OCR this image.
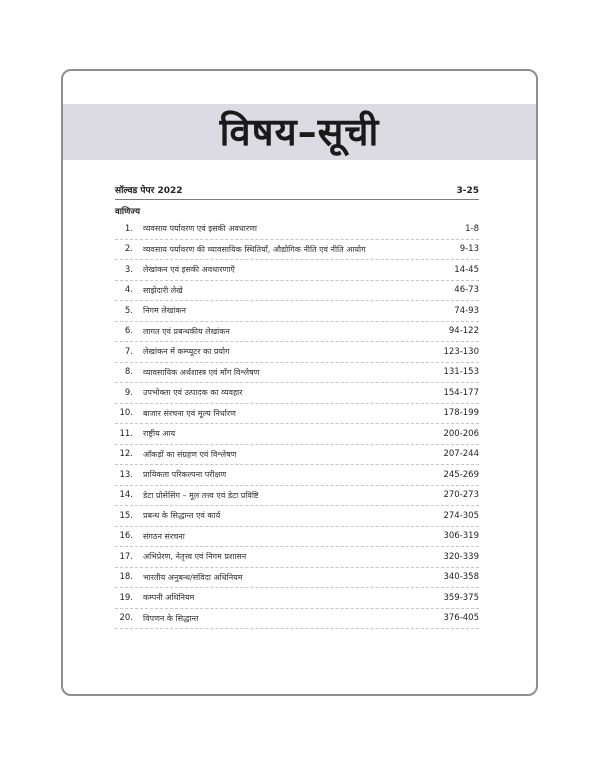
विषय–सूची
सॉल्वड पेपर 2022	3-25
वाणिज्य
1.	व्यवसाय पर्यावरण एवं इसकी अवधारणा	1-8
2.	व्यवसाय पर्यावरण की व्यावसायिक स्थितियाँ, औद्योगिक नीति एवं नीति आयोग	9-13
3.	लेखांकन एवं इसकी अवधारणाएँ	14-45
4.	साझेदारी लेखे	46-73
5.	निगम लेखांकन	74-93
6.	लागत एवं प्रबन्धकीय लेखांकन	94-122
7.	लेखांकन में कम्प्यूटर का प्रयोग	123-130
8.	व्यावसायिक अर्थशास्त्र एवं माँग विश्लेषण	131-153
9.	उपभोक्ता एवं उत्पादक का व्यवहार	154-177
10.	बाजार संरचना एवं मूल्य निर्धारण	178-199
11.	राष्ट्रीय आय	200-206
12.	आँकड़ों का संग्रहण एवं विश्लेषण	207-244
13.	प्रायिकता परिकल्पना परीक्षण	245-269
14.	डेटा प्रोसेसिंग – मूल तत्त्व एवं डेटा प्रविष्टि	270-273
15.	प्रबन्ध के सिद्धान्त एवं कार्य	274-305
16.	संगठन संरचना	306-319
17.	अभिप्रेरण, नेतृत्त्व एवं निगम प्रशासन	320-339
18.	भारतीय अनुबन्ध/संविदा अधिनियम	340-358
19.	कम्पनी अधिनियम	359-375
20.	विपणन के सिद्धान्त	376-405
